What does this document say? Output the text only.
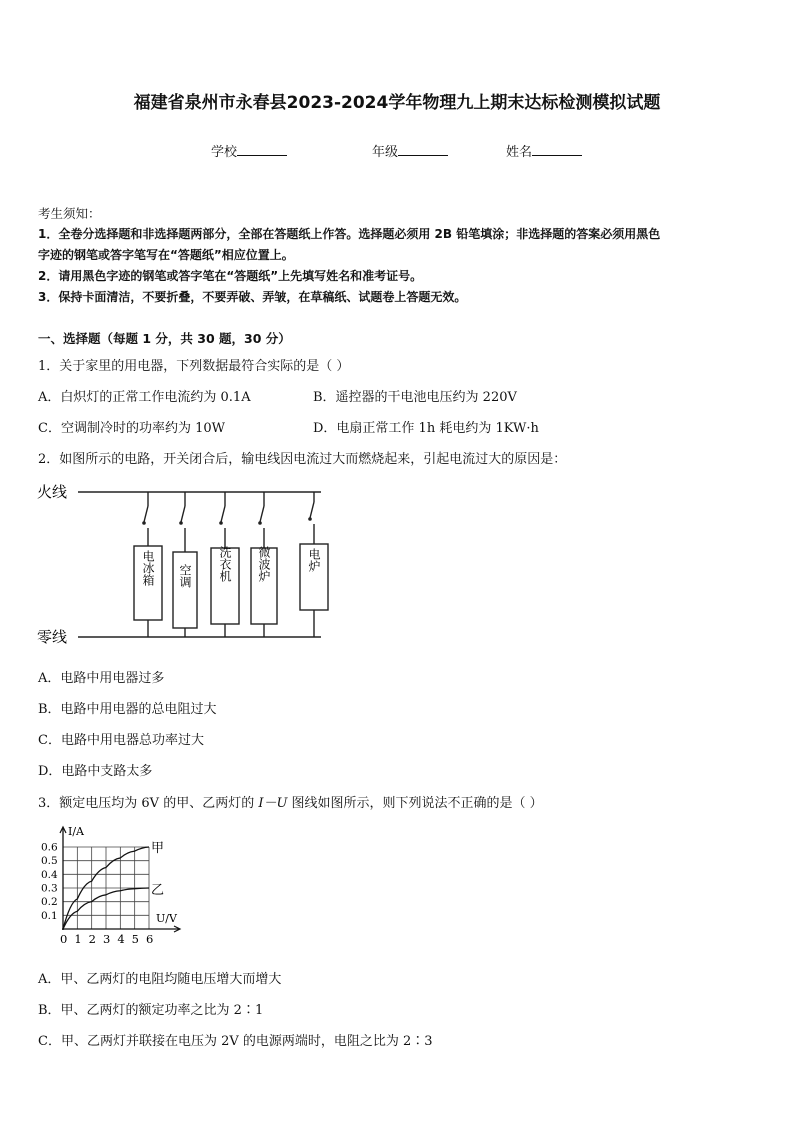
福建省泉州市永春县2023-2024学年物理九上期末达标检测模拟试题
学校	年级	姓名
考生须知：
1．全卷分选择题和非选择题两部分，全部在答题纸上作答。选择题必须用 2B 铅笔填涂；非选择题的答案必须用黑色
字迹的钢笔或答字笔写在“答题纸”相应位置上。
2．请用黑色字迹的钢笔或答字笔在“答题纸”上先填写姓名和准考证号。
3．保持卡面清洁，不要折叠，不要弄破、弄皱，在草稿纸、试题卷上答题无效。
一、选择题（每题 1 分，共 30 题，30 分）
1．关于家里的用电器，下列数据最符合实际的是（ ）
A．白炽灯的正常工作电流约为 0.1A	B．遥控器的干电池电压约为 220V
C．空调制冷时的功率约为 10W	D．电扇正常工作 1h 耗电约为 1KW·h
2．如图所示的电路，开关闭合后，输电线因电流过大而燃烧起来，引起电流过大的原因是：
火线
零线
电冰箱 空调 洗衣机 微波炉	电炉
A．电路中用电器过多
B．电路中用电器的总电阻过大
C．电路中用电器总功率过大
D．电路中支路太多
3．额定电压均为 6V 的甲、乙两灯的 I－U 图线如图所示，则下列说法不正确的是（ ）
0.6
0.5
0.4
0.3
0.2
0.1
0 1 2 3 4 5 6
I/A
U/V
甲
乙
A．甲、乙两灯的电阻均随电压增大而增大
B．甲、乙两灯的额定功率之比为 2∶1
C．甲、乙两灯并联接在电压为 2V 的电源两端时，电阻之比为 2∶3
